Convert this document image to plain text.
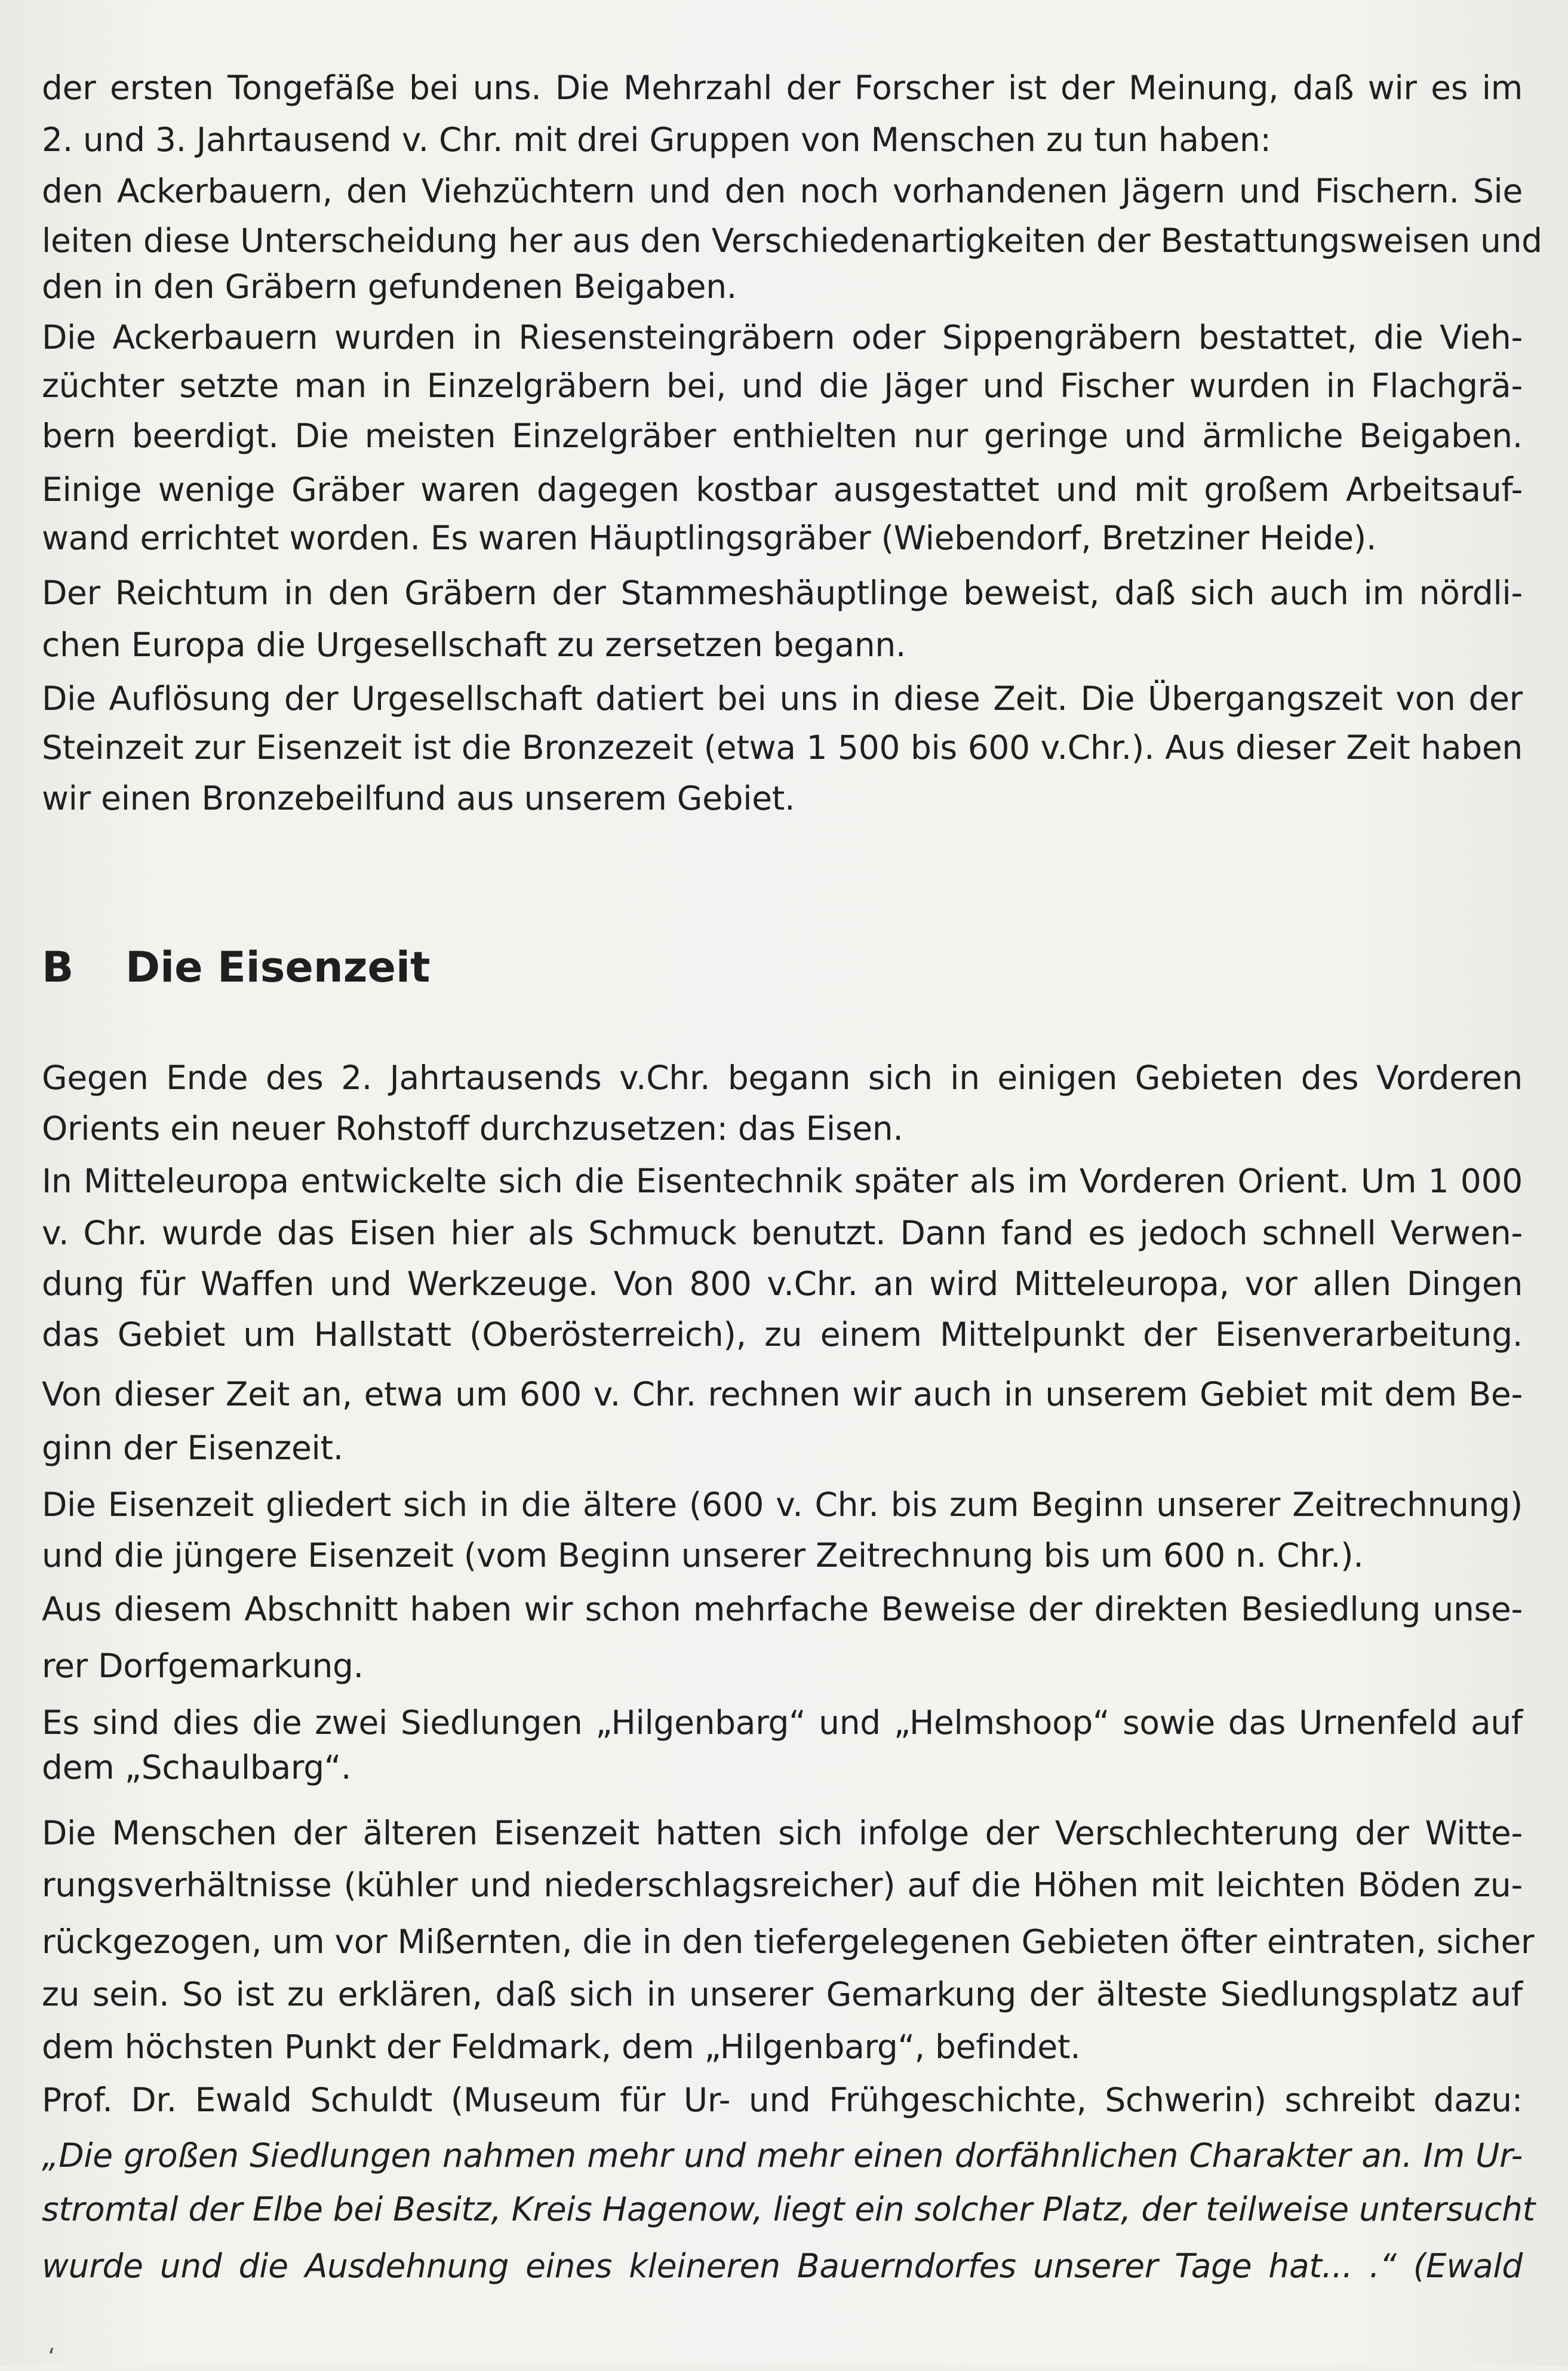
der ersten Tongefäße bei uns. Die Mehrzahl der Forscher ist der Meinung, daß wir es im
2. und 3. Jahrtausend v. Chr. mit drei Gruppen von Menschen zu tun haben:
den Ackerbauern, den Viehzüchtern und den noch vorhandenen Jägern und Fischern. Sie
leiten diese Unterscheidung her aus den Verschiedenartigkeiten der Bestattungsweisen und
den in den Gräbern gefundenen Beigaben.
Die Ackerbauern wurden in Riesensteingräbern oder Sippengräbern bestattet, die Vieh-
züchter setzte man in Einzelgräbern bei, und die Jäger und Fischer wurden in Flachgrä-
bern beerdigt. Die meisten Einzelgräber enthielten nur geringe und ärmliche Beigaben.
Einige wenige Gräber waren dagegen kostbar ausgestattet und mit großem Arbeitsauf-
wand errichtet worden. Es waren Häuptlingsgräber (Wiebendorf, Bretziner Heide).
Der Reichtum in den Gräbern der Stammeshäuptlinge beweist, daß sich auch im nördli-
chen Europa die Urgesellschaft zu zersetzen begann.
Die Auflösung der Urgesellschaft datiert bei uns in diese Zeit. Die Übergangszeit von der
Steinzeit zur Eisenzeit ist die Bronzezeit (etwa 1 500 bis 600 v.Chr.). Aus dieser Zeit haben
wir einen Bronzebeilfund aus unserem Gebiet.
B Die Eisenzeit
Gegen Ende des 2. Jahrtausends v.Chr. begann sich in einigen Gebieten des Vorderen
Orients ein neuer Rohstoff durchzusetzen: das Eisen.
In Mitteleuropa entwickelte sich die Eisentechnik später als im Vorderen Orient. Um 1 000
v. Chr. wurde das Eisen hier als Schmuck benutzt. Dann fand es jedoch schnell Verwen-
dung für Waffen und Werkzeuge. Von 800 v.Chr. an wird Mitteleuropa, vor allen Dingen
das Gebiet um Hallstatt (Oberösterreich), zu einem Mittelpunkt der Eisenverarbeitung.
Von dieser Zeit an, etwa um 600 v. Chr. rechnen wir auch in unserem Gebiet mit dem Be-
ginn der Eisenzeit.
Die Eisenzeit gliedert sich in die ältere (600 v. Chr. bis zum Beginn unserer Zeitrechnung)
und die jüngere Eisenzeit (vom Beginn unserer Zeitrechnung bis um 600 n. Chr.).
Aus diesem Abschnitt haben wir schon mehrfache Beweise der direkten Besiedlung unse-
rer Dorfgemarkung.
Es sind dies die zwei Siedlungen „Hilgenbarg“ und „Helmshoop“ sowie das Urnenfeld auf
dem „Schaulbarg“.
Die Menschen der älteren Eisenzeit hatten sich infolge der Verschlechterung der Witte-
rungsverhältnisse (kühler und niederschlagsreicher) auf die Höhen mit leichten Böden zu-
rückgezogen, um vor Mißernten, die in den tiefergelegenen Gebieten öfter eintraten, sicher
zu sein. So ist zu erklären, daß sich in unserer Gemarkung der älteste Siedlungsplatz auf
dem höchsten Punkt der Feldmark, dem „Hilgenbarg“, befindet.
Prof. Dr. Ewald Schuldt (Museum für Ur- und Frühgeschichte, Schwerin) schreibt dazu:
„Die großen Siedlungen nahmen mehr und mehr einen dorfähnlichen Charakter an. Im Ur-
stromtal der Elbe bei Besitz, Kreis Hagenow, liegt ein solcher Platz, der teilweise untersucht
wurde und die Ausdehnung eines kleineren Bauerndorfes unserer Tage hat... .“ (Ewald
‘
